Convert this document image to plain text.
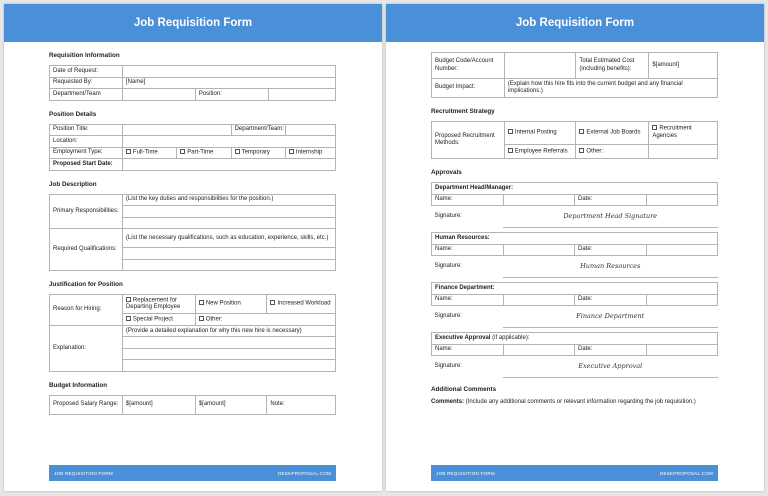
Job Requisition Form
Requisition Information
Date of Request:			
Requested By:	[Name]		
Department/Team		Position:	
Position Details
Position Title:			Department/Team:	
Location:				
Employment Type:	Full-Time	Part-Time	Temporary	Internship
Proposed Start Date:				
Job Description
Primary Responsibilities:	(List the key duties and responsibilities for the position.)

Required Qualifications:	(List the necessary qualifications, such as education, experience, skills, etc.)

Justification for Position
Reason for Hiring:	Replacement for Departing Employee	New Position	Increased Workload
	Special Project	Other:	
Explanation:	(Provide a detailed explanation for why this new hire is necessary)		

Budget Information
Proposed Salary Range:	$[amount]	$[amount]	Note:
JOB REQUISITION FORM	DESKPROPOSAL.COM
Job Requisition Form
Budget Code/Account Number:		Total Estimated Cost (including benefits):	$[amount]
Budget Impact:	(Explain how this hire fits into the current budget and any financial implications.)		
Recruitment Strategy
Proposed Recruitment Methods:	Internal Posting	External Job Boards	Recruitment Agencies
	Employee Referrals	Other:	
Approvals
Department Head/Manager:			
Name:		Date:	
Signature:	Department Head Signature		
Human Resources:			
Name:		Date:	
Signature:	Human Resources		
Finance Department:			
Name:		Date:	
Signature:	Finance Department		
Executive Approval (if applicable):			
Name:		Date:	
Signature:	Executive Approval		
Additional Comments
Comments: (Include any additional comments or relevant information regarding the job requisition.)
JOB REQUISITION FORM	DESKPROPOSAL.COM
